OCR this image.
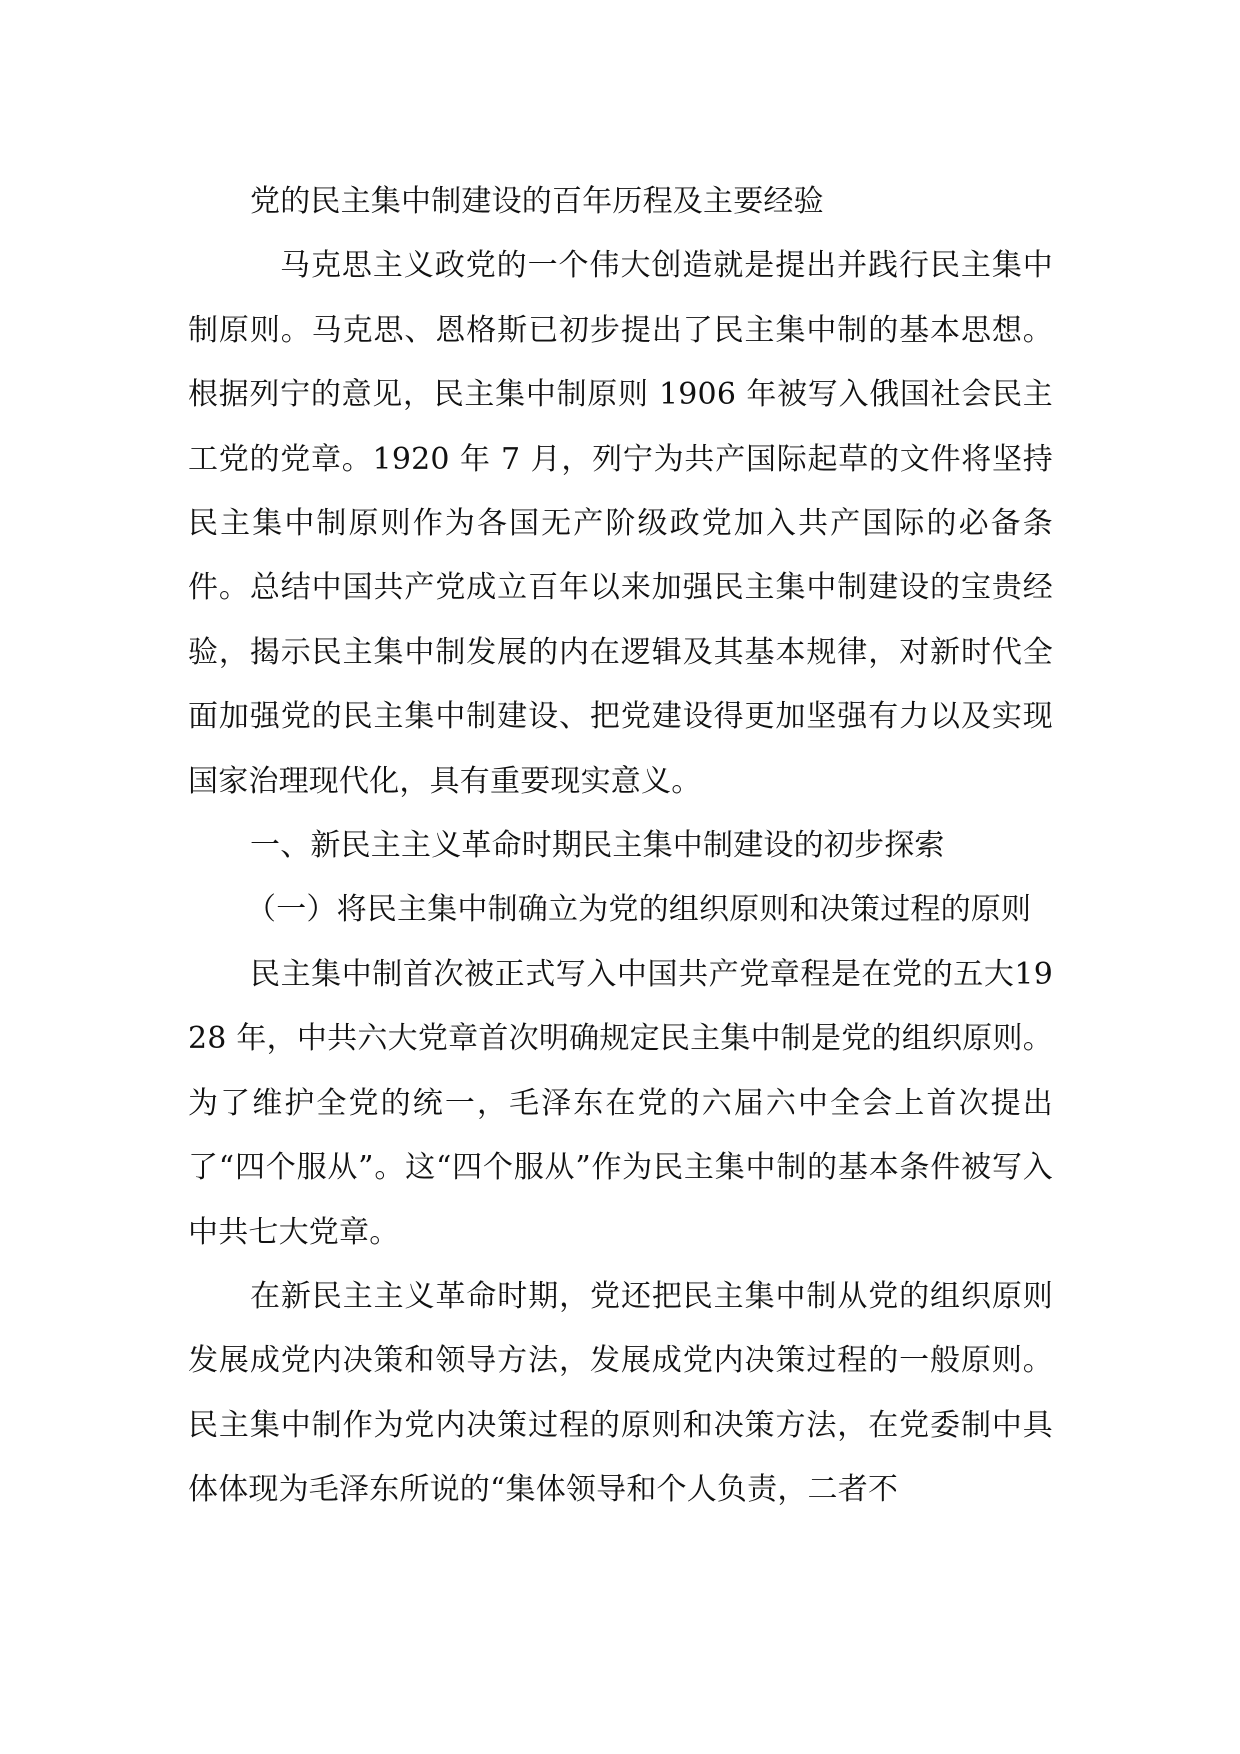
党的民主集中制建设的百年历程及主要经验

马克思主义政党的一个伟大创造就是提出并践行民主集中制原则。马克思、恩格斯已初步提出了民主集中制的基本思想。根据列宁的意见，民主集中制原则 1906 年被写入俄国社会民主工党的党章。1920 年 7 月，列宁为共产国际起草的文件将坚持民主集中制原则作为各国无产阶级政党加入共产国际的必备条件。总结中国共产党成立百年以来加强民主集中制建设的宝贵经验，揭示民主集中制发展的内在逻辑及其基本规律，对新时代全面加强党的民主集中制建设、把党建设得更加坚强有力以及实现国家治理现代化，具有重要现实意义。

一、新民主主义革命时期民主集中制建设的初步探索

（一）将民主集中制确立为党的组织原则和决策过程的原则

民主集中制首次被正式写入中国共产党章程是在党的五大1928 年，中共六大党章首次明确规定民主集中制是党的组织原则。为了维护全党的统一，毛泽东在党的六届六中全会上首次提出了“四个服从”。这“四个服从”作为民主集中制的基本条件被写入中共七大党章。

在新民主主义革命时期，党还把民主集中制从党的组织原则发展成党内决策和领导方法，发展成党内决策过程的一般原则。民主集中制作为党内决策过程的原则和决策方法，在党委制中具体体现为毛泽东所说的“集体领导和个人负责，二者不
